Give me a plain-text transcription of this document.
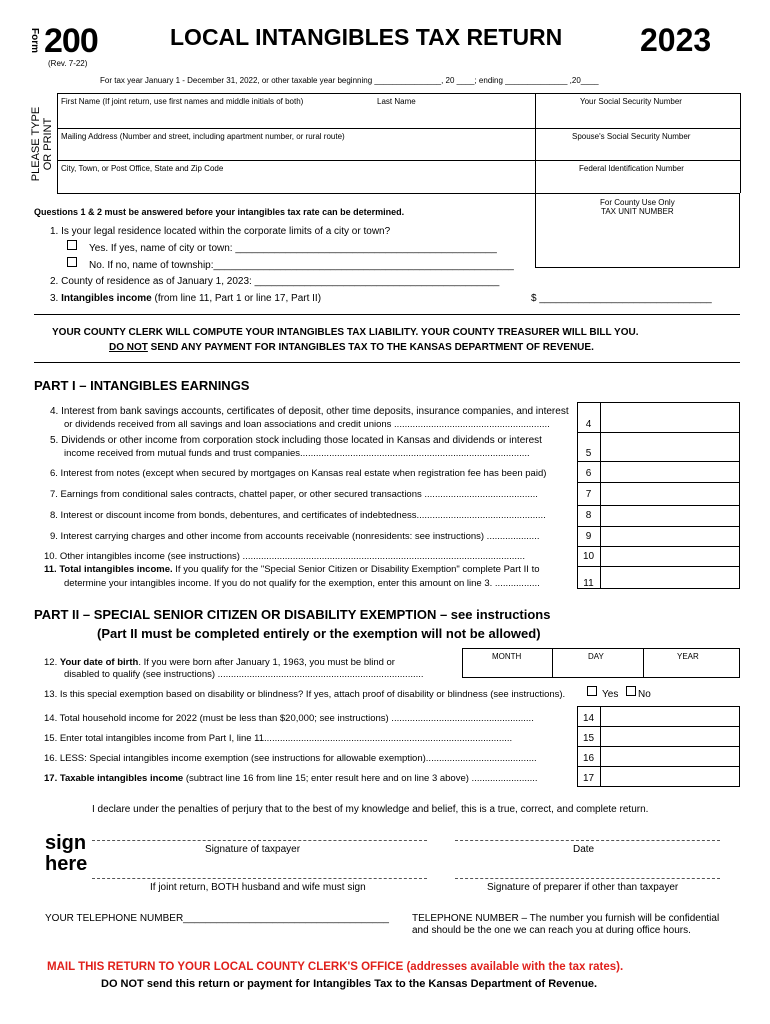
Form 200
(Rev. 7-22)
LOCAL INTANGIBLES TAX RETURN 2023
For tax year January 1 - December 31, 2022, or other taxable year beginning _______________, 20 ____; ending ______________ ,20____
PLEASE TYPE OR PRINT
First Name (If joint return, use first names and middle initials of both)	Last Name	Your Social Security Number
Mailing Address (Number and street, including apartment number, or rural route)	Spouse's Social Security Number
City, Town, or Post Office, State and Zip Code	Federal Identification Number
Questions 1 & 2 must be answered before your intangibles tax rate can be determined.
For County Use Only
TAX UNIT NUMBER
1. Is your legal residence located within the corporate limits of a city or town?
Yes. If yes, name of city or town: _______________________________________________
No. If no, name of township:______________________________________________________
2. County of residence as of January 1, 2023: ____________________________________________
3. Intangibles income (from line 11, Part 1 or line 17, Part II)	$ _______________________________
YOUR COUNTY CLERK WILL COMPUTE YOUR INTANGIBLES TAX LIABILITY. YOUR COUNTY TREASURER WILL BILL YOU.
DO NOT SEND ANY PAYMENT FOR INTANGIBLES TAX TO THE KANSAS DEPARTMENT OF REVENUE.
PART I – INTANGIBLES EARNINGS
4. Interest from bank savings accounts, certificates of deposit, other time deposits, insurance companies, and interest
or dividends received from all savings and loan associations and credit unions ...........................................................	4
5. Dividends or other income from corporation stock including those located in Kansas and dividends or interest
income received from mutual funds and trust companies.......................................................................................	5
6. Interest from notes (except when secured by mortgages on Kansas real estate when registration fee has been paid)	6
7. Earnings from conditional sales contracts, chattel paper, or other secured transactions ...........................................	7
8. Interest or discount income from bonds, debentures, and certificates of indebtedness.................................................	8
9. Interest carrying charges and other income from accounts receivable (nonresidents: see instructions) ....................	9
10. Other intangibles income (see instructions) ...........................................................................................................	10
11. Total intangibles income. If you qualify for the "Special Senior Citizen or Disability Exemption" complete Part II to
determine your intangibles income. If you do not qualify for the exemption, enter this amount on line 3. .................	11
PART II – SPECIAL SENIOR CITIZEN OR DISABILITY EXEMPTION – see instructions
(Part II must be completed entirely or the exemption will not be allowed)
MONTH	DAY	YEAR
12. Your date of birth. If you were born after January 1, 1963, you must be blind or
disabled to qualify (see instructions) ..............................................................................
13. Is this special exemption based on disability or blindness? If yes, attach proof of disability or blindness (see instructions).	Yes No
14. Total household income for 2022 (must be less than $20,000; see instructions) ......................................................	14
15. Enter total intangibles income from Part I, line 11..............................................................................................	15
16. LESS: Special intangibles income exemption (see instructions for allowable exemption)..........................................	16
17. Taxable intangibles income (subtract line 16 from line 15; enter result here and on line 3 above) .........................	17
I declare under the penalties of perjury that to the best of my knowledge and belief, this is a true, correct, and complete return.
sign
here
Signature of taxpayer	Date
If joint return, BOTH husband and wife must sign	Signature of preparer if other than taxpayer
YOUR TELEPHONE NUMBER_____________________________________ TELEPHONE NUMBER – The number you furnish will be confidential
and should be the one we can reach you at during office hours.
MAIL THIS RETURN TO YOUR LOCAL COUNTY CLERK'S OFFICE (addresses available with the tax rates).
DO NOT send this return or payment for Intangibles Tax to the Kansas Department of Revenue.
